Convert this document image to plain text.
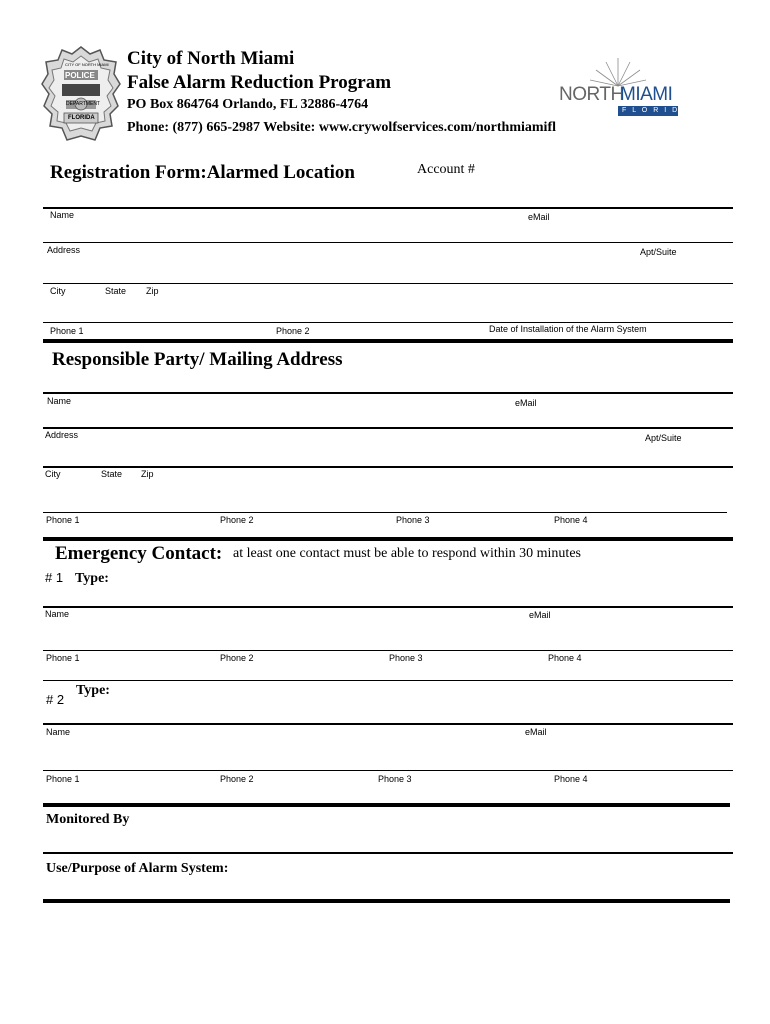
CITY OF NORTH MIAMI
POLICE
DEPARTMENT
FLORIDA
City of North Miami
False Alarm Reduction Program
PO Box 864764 Orlando, FL 32886-4764
Phone: (877) 665-2987 Website: www.crywolfservices.com/northmiamifl
NORTH
MIAMI
F L O R I D A
Registration Form:Alarmed Location	Account #
Name	eMail
Address	Apt/Suite
City	State Zip
Phone 1	Phone 2	Date of Installation of the Alarm System
Responsible Party/ Mailing Address
Name	eMail
Address	Apt/Suite
City	State Zip
Phone 1	Phone 2	Phone 3	Phone 4
Emergency Contact: at least one contact must be able to respond within 30 minutes
# 1 Type:
Name	eMail
Phone 1	Phone 2	Phone 3	Phone 4
# 2
Type:
Name	eMail
Phone 1	Phone 2	Phone 3	Phone 4
Monitored By
Use/Purpose of Alarm System:
